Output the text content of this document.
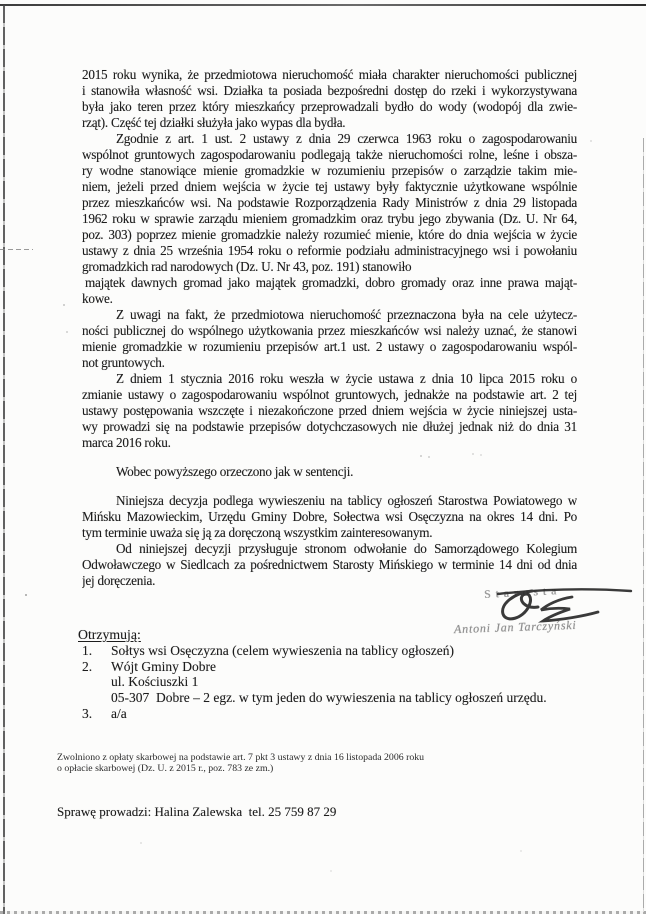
2015 roku wynika, że przedmiotowa nieruchomość miała charakter nieruchomości publicznej
i stanowiła własność wsi. Działka ta posiada bezpośredni dostęp do rzeki i wykorzystywana
była jako teren przez który mieszkańcy przeprowadzali bydło do wody (wodopój dla zwie-
rząt). Część tej działki służyła jako wypas dla bydła.
Zgodnie z art. 1 ust. 2 ustawy z dnia 29 czerwca 1963 roku o zagospodarowaniu
wspólnot gruntowych zagospodarowaniu podlegają także nieruchomości rolne, leśne i obsza-
ry wodne stanowiące mienie gromadzkie w rozumieniu przepisów o zarządzie takim mie-
niem, jeżeli przed dniem wejścia w życie tej ustawy były faktycznie użytkowane wspólnie
przez mieszkańców wsi. Na podstawie Rozporządzenia Rady Ministrów z dnia 29 listopada
1962 roku w sprawie zarządu mieniem gromadzkim oraz trybu jego zbywania (Dz. U. Nr 64,
poz. 303) poprzez mienie gromadzkie należy rozumieć mienie, które do dnia wejścia w życie
ustawy z dnia 25 września 1954 roku o reformie podziału administracyjnego wsi i powołaniu
gromadzkich rad narodowych (Dz. U. Nr 43, poz. 191) stanowiło
majątek dawnych gromad jako majątek gromadzki, dobro gromady oraz inne prawa mająt-
kowe.
Z uwagi na fakt, że przedmiotowa nieruchomość przeznaczona była na cele użytecz-
ności publicznej do wspólnego użytkowania przez mieszkańców wsi należy uznać, że stanowi
mienie gromadzkie w rozumieniu przepisów art.1 ust. 2 ustawy o zagospodarowaniu wspól-
not gruntowych.
Z dniem 1 stycznia 2016 roku weszła w życie ustawa z dnia 10 lipca 2015 roku o
zmianie ustawy o zagospodarowaniu wspólnot gruntowych, jednakże na podstawie art. 2 tej
ustawy postępowania wszczęte i niezakończone przed dniem wejścia w życie niniejszej usta-
wy prowadzi się na podstawie przepisów dotychczasowych nie dłużej jednak niż do dnia 31
marca 2016 roku.
Wobec powyższego orzeczono jak w sentencji.
Niniejsza decyzja podlega wywieszeniu na tablicy ogłoszeń Starostwa Powiatowego w
Mińsku Mazowieckim, Urzędu Gminy Dobre, Sołectwa wsi Osęczyzna na okres 14 dni. Po
tym terminie uważa się ją za doręczoną wszystkim zainteresowanym.
Od niniejszej decyzji przysługuje stronom odwołanie do Samorządowego Kolegium
Odwoławczego w Siedlcach za pośrednictwem Starosty Mińskiego w terminie 14 dni od dnia
jej doręczenia.
Starosta
Antoni Jan Tarczyński
Otrzymują:
1.	Sołtys wsi Osęczyzna (celem wywieszenia na tablicy ogłoszeń)
2.	Wójt Gminy Dobre
ul. Kościuszki 1
05-307  Dobre – 2 egz. w tym jeden do wywieszenia na tablicy ogłoszeń urzędu.
3.	a/a
Zwolniono z opłaty skarbowej na podstawie art. 7 pkt 3 ustawy z dnia 16 listopada 2006 roku
o opłacie skarbowej (Dz. U. z 2015 r., poz. 783 ze zm.)
Sprawę prowadzi: Halina Zalewska  tel. 25 759 87 29
